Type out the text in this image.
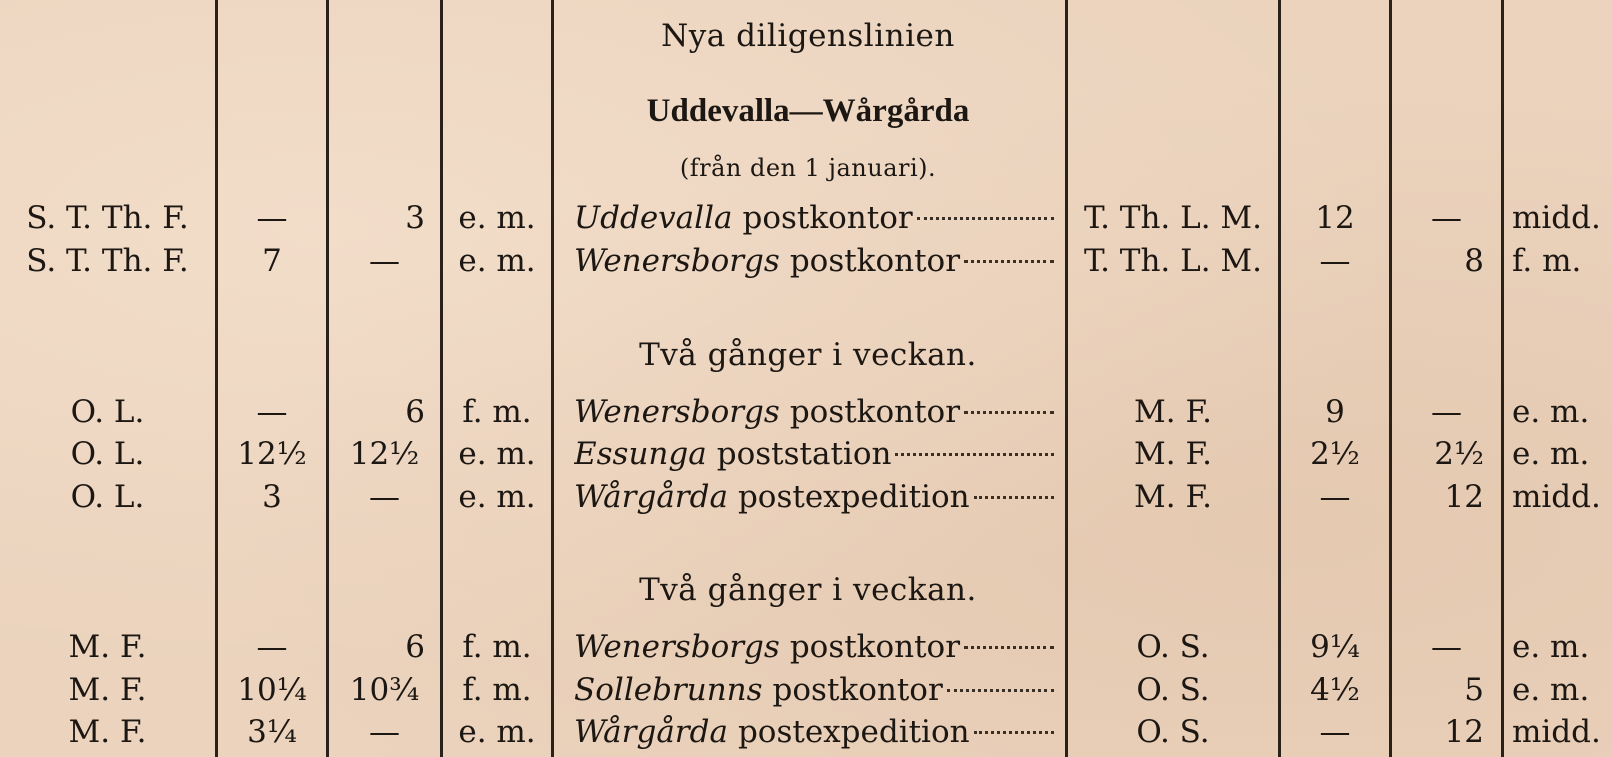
Nya diligenslinien
Uddevalla—Wårgårda
(från den 1 januari).
S. T. Th. F.	—	3	e. m.	Uddevalla postkontor	T. Th. L. M.	12	—	midd.
S. T. Th. F.	7	—	e. m.	Wenersborgs postkontor	T. Th. L. M.	—	8 f. m.
Två gånger i veckan.
O. L.	—	6	f. m.	Wenersborgs postkontor	M. F.	9	—	e. m.
O. L.	12½	12½	e. m.	Essunga poststation	M. F.	2½	2½ e. m.
O. L.	3	—	e. m.	Wårgårda postexpedition	M. F.	—	12 midd.
Två gånger i veckan.
M. F.	—	6	f. m.	Wenersborgs postkontor	O. S.	9¼	—	e. m.
M. F.	10¼	10¾	f. m.	Sollebrunns postkontor	O. S.	4½	5 e. m.
M. F.	3¼	—	e. m.	Wårgårda postexpedition	O. S.	—	12 midd.
